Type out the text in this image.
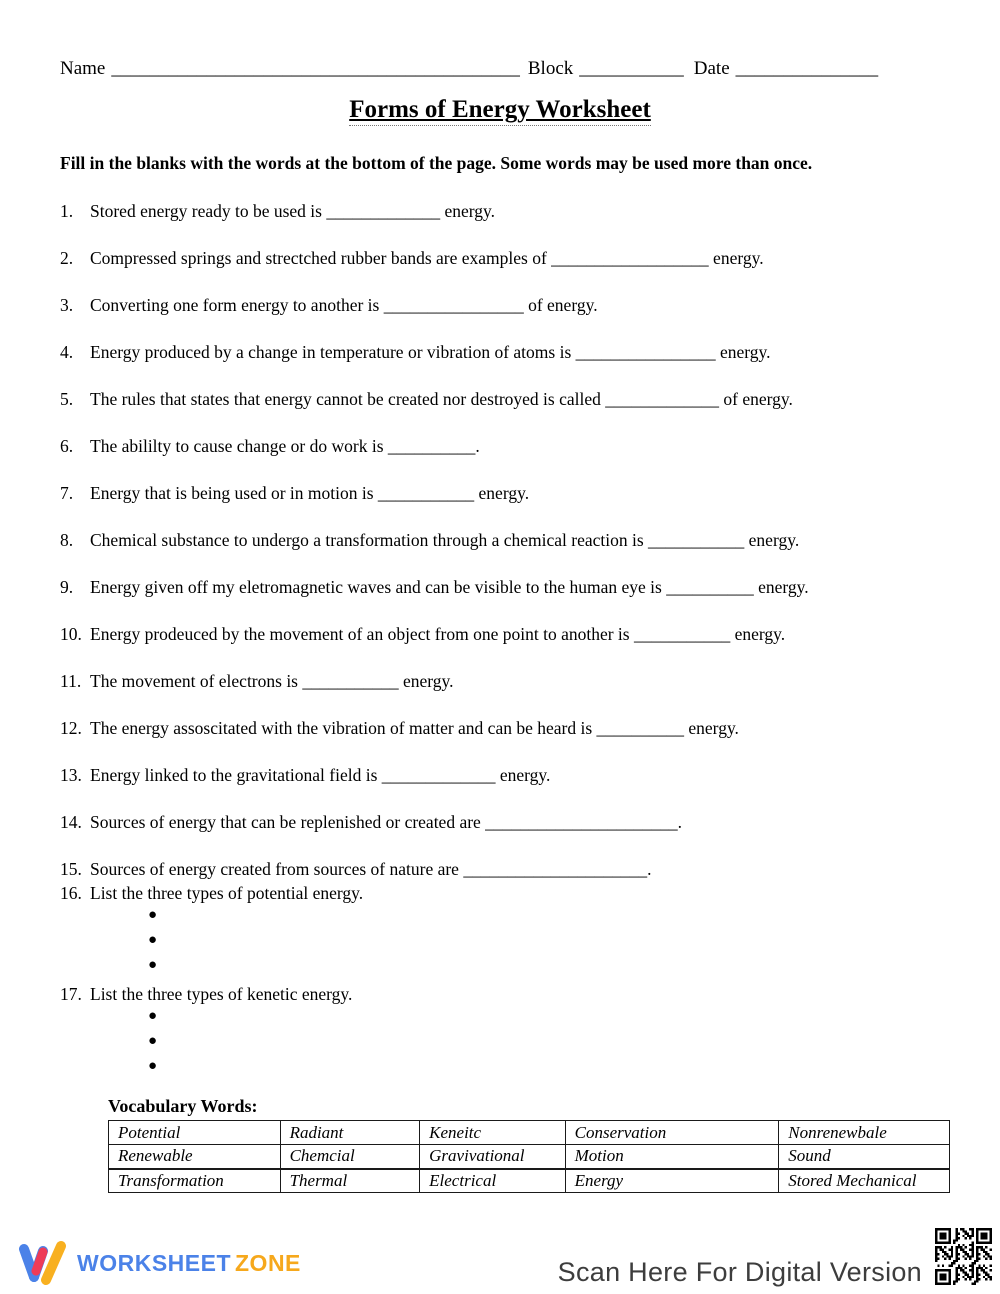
Name ___________________________________________ Block ___________ Date _______________
Forms of Energy Worksheet
Fill in the blanks with the words at the bottom of the page. Some words may be used more than once.
1. Stored energy ready to be used is _____________ energy.
2. Compressed springs and strectched rubber bands are examples of __________________ energy.
3. Converting one form energy to another is ________________ of energy.
4. Energy produced by a change in temperature or vibration of atoms is ________________ energy.
5. The rules that states that energy cannot be created nor destroyed is called _____________ of energy.
6. The abililty to cause change or do work is __________.
7. Energy that is being used or in motion is ___________ energy.
8. Chemical substance to undergo a transformation through a chemical reaction is ___________ energy.
9. Energy given off my eletromagnetic waves and can be visible to the human eye is __________ energy.
10. Energy prodeuced by the movement of an object from one point to another is ___________ energy.
11. The movement of electrons is ___________ energy.
12. The energy assoscitated with the vibration of matter and can be heard is __________ energy.
13. Energy linked to the gravitational field is _____________ energy.
14. Sources of energy that can be replenished or created are ______________________.
15. Sources of energy created from sources of nature are _____________________.
16. List the three types of potential energy.
●
●
●
17. List the three types of kenetic energy.
●
●
●
Vocabulary Words:
Potential	Radiant	Keneitc	Conservation	Nonrenewbale
Renewable	Chemcial	Gravivational	Motion	Sound
Transformation	Thermal	Electrical	Energy	Stored Mechanical
WORKSHEET ZONE	Scan Here For Digital Version
